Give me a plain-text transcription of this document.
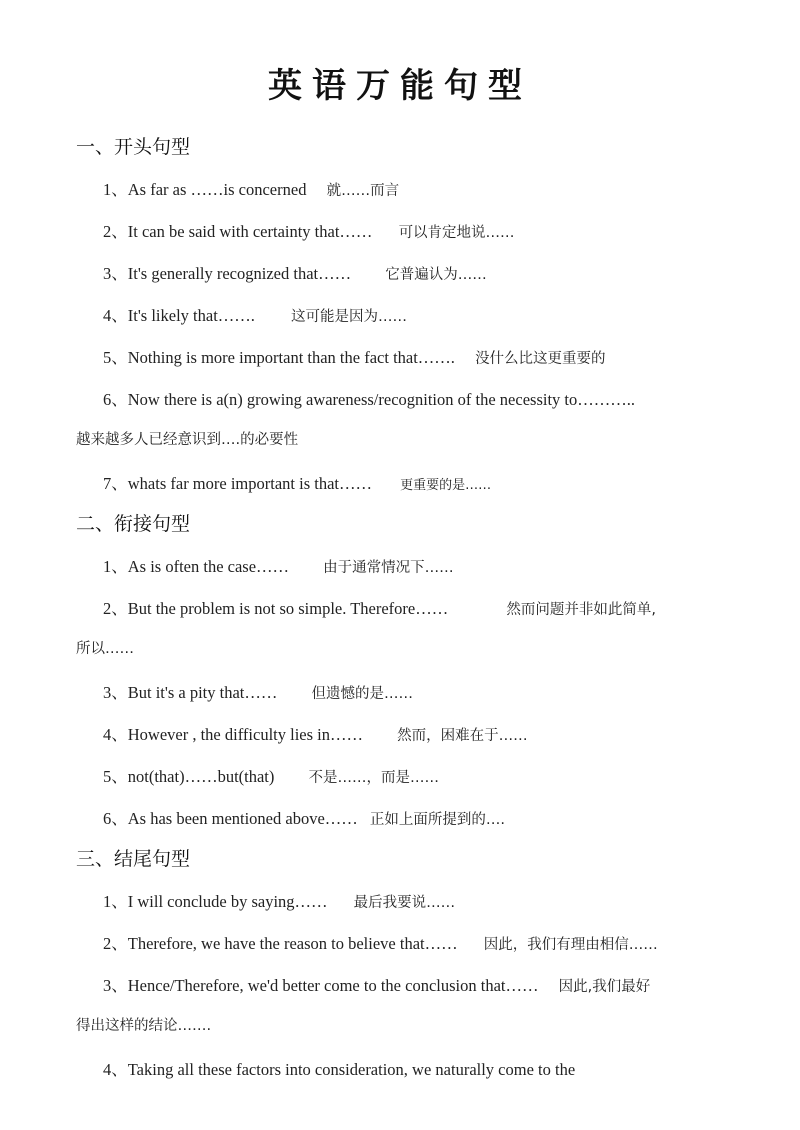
英语万能句型
一、开头句型
1、As far as ……is concerned 就……而言
2、It can be said with certainty that…… 可以肯定地说……
3、It's generally recognized that…… 它普遍认为……
4、It's likely that……. 这可能是因为……
5、Nothing is more important than the fact that……. 没什么比这更重要的
6、Now there is a(n) growing awareness/recognition of the necessity to………..
越来越多人已经意识到….的必要性
7、whats far more important is that…… 更重要的是……
二、衔接句型
1、As is often the case…… 由于通常情况下……
2、But the problem is not so simple. Therefore……	然而问题并非如此简单,
所以……
3、But it's a pity that…… 但遗憾的是……
4、However , the difficulty lies in…… 然而，困难在于……
5、not(that)……but(that) 不是……，而是……
6、As has been mentioned above…… 正如上面所提到的….
三、结尾句型
1、I will conclude by saying…… 最后我要说……
2、Therefore, we have the reason to believe that…… 因此，我们有理由相信……
3、Hence/Therefore, we'd better come to the conclusion that…… 因此,我们最好
得出这样的结论…….
4、Taking all these factors into consideration, we naturally come to the
